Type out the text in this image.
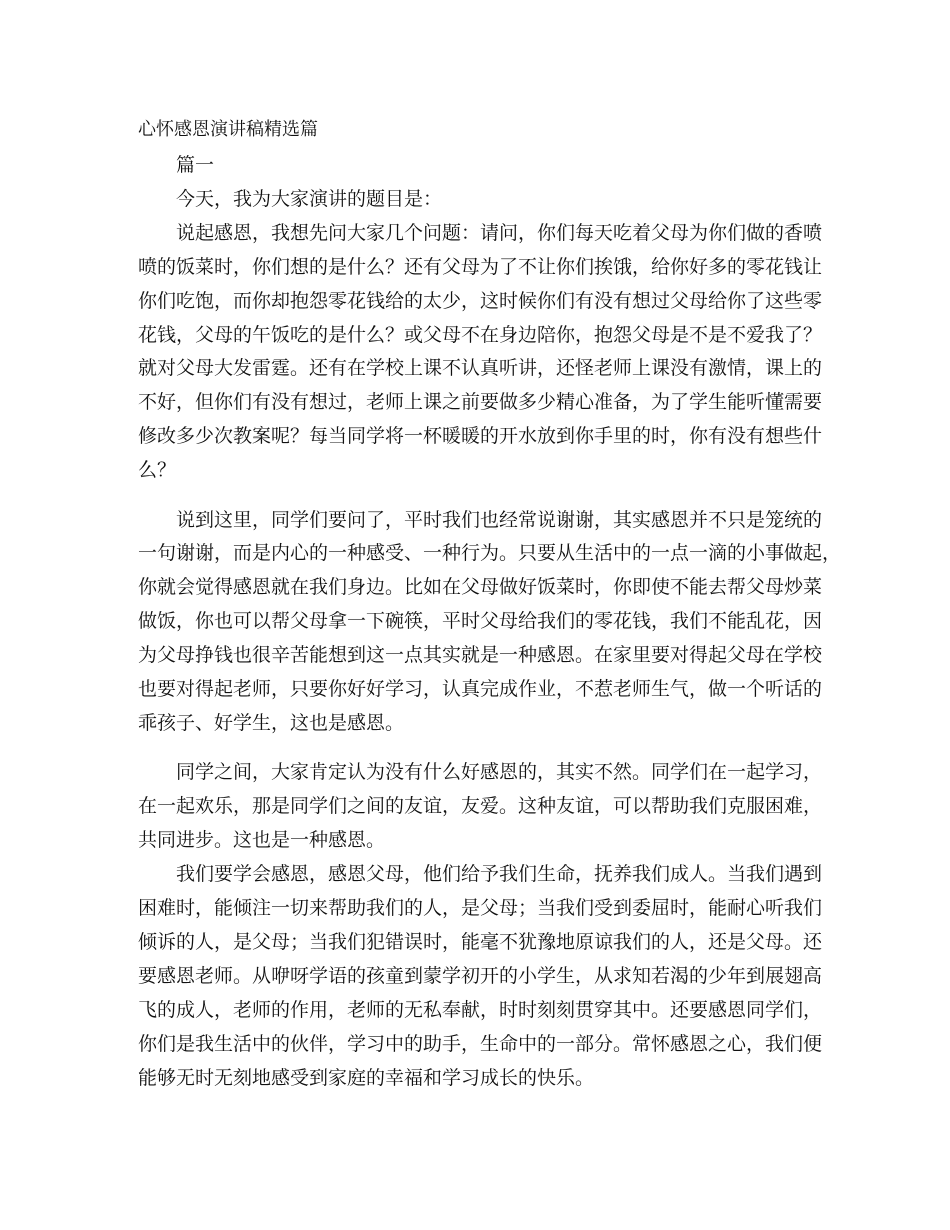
心怀感恩演讲稿精选篇
篇一
今天，我为大家演讲的题目是：
说起感恩，我想先问大家几个问题：请问，你们每天吃着父母为你们做的香喷
喷的饭菜时，你们想的是什么？还有父母为了不让你们挨饿，给你好多的零花钱让
你们吃饱，而你却抱怨零花钱给的太少，这时候你们有没有想过父母给你了这些零
花钱，父母的午饭吃的是什么？或父母不在身边陪你，抱怨父母是不是不爱我了？
就对父母大发雷霆。还有在学校上课不认真听讲，还怪老师上课没有激情，课上的
不好，但你们有没有想过，老师上课之前要做多少精心准备，为了学生能听懂需要
修改多少次教案呢？每当同学将一杯暖暖的开水放到你手里的时，你有没有想些什
么？
说到这里，同学们要问了，平时我们也经常说谢谢，其实感恩并不只是笼统的
一句谢谢，而是内心的一种感受、一种行为。只要从生活中的一点一滴的小事做起，
你就会觉得感恩就在我们身边。比如在父母做好饭菜时，你即使不能去帮父母炒菜
做饭，你也可以帮父母拿一下碗筷，平时父母给我们的零花钱，我们不能乱花，因
为父母挣钱也很辛苦能想到这一点其实就是一种感恩。在家里要对得起父母在学校
也要对得起老师，只要你好好学习，认真完成作业，不惹老师生气，做一个听话的
乖孩子、好学生，这也是感恩。
同学之间，大家肯定认为没有什么好感恩的，其实不然。同学们在一起学习，
在一起欢乐，那是同学们之间的友谊，友爱。这种友谊，可以帮助我们克服困难，
共同进步。这也是一种感恩。
我们要学会感恩，感恩父母，他们给予我们生命，抚养我们成人。当我们遇到
困难时，能倾注一切来帮助我们的人，是父母；当我们受到委屈时，能耐心听我们
倾诉的人，是父母；当我们犯错误时，能毫不犹豫地原谅我们的人，还是父母。还
要感恩老师。从咿呀学语的孩童到蒙学初开的小学生，从求知若渴的少年到展翅高
飞的成人，老师的作用，老师的无私奉献，时时刻刻贯穿其中。还要感恩同学们，
你们是我生活中的伙伴，学习中的助手，生命中的一部分。常怀感恩之心，我们便
能够无时无刻地感受到家庭的幸福和学习成长的快乐。
